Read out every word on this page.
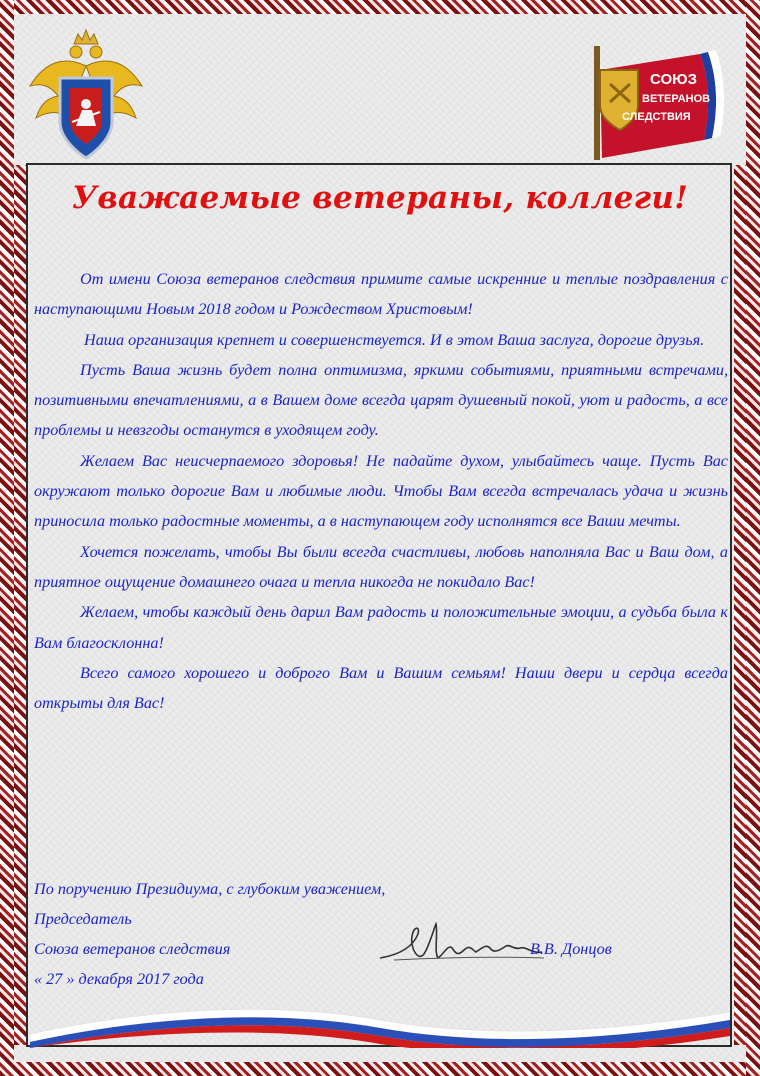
СОЮЗ
ВЕТЕРАНОВ
СЛЕДСТВИЯ
Уважаемые ветераны, коллеги!

От имени Союза ветеранов следствия примите самые искренние и теплые поздравления с наступающими Новым 2018 годом и Рождеством Христовым!

Наша организация крепнет и совершенствуется. И в этом Ваша заслуга, дорогие друзья.

Пусть Ваша жизнь будет полна оптимизма, яркими событиями, приятными встречами, позитивными впечатлениями, а в Вашем доме всегда царят душевный покой, уют и радость, а все проблемы и невзгоды останутся в уходящем году.

Желаем Вас неисчерпаемого здоровья! Не падайте духом, улыбайтесь чаще. Пусть Вас окружают только дорогие Вам и любимые люди. Чтобы Вам всегда встречалась удача и жизнь приносила только радостные моменты, а в наступающем году исполнятся все Ваши мечты.

Хочется пожелать, чтобы Вы были всегда счастливы, любовь наполняла Вас и Ваш дом, а приятное ощущение домашнего очага и тепла никогда не покидало Вас!

Желаем, чтобы каждый день дарил Вам радость и положительные эмоции, а судьба была к Вам благосклонна!

Всего самого хорошего и доброго Вам и Вашим семьям! Наши двери и сердца всегда открыты для Вас!

По поручению Президиума, с глубоким уважением,
Председатель
Союза ветеранов следствия	В.В. Донцов
« 27 » декабря 2017 года
